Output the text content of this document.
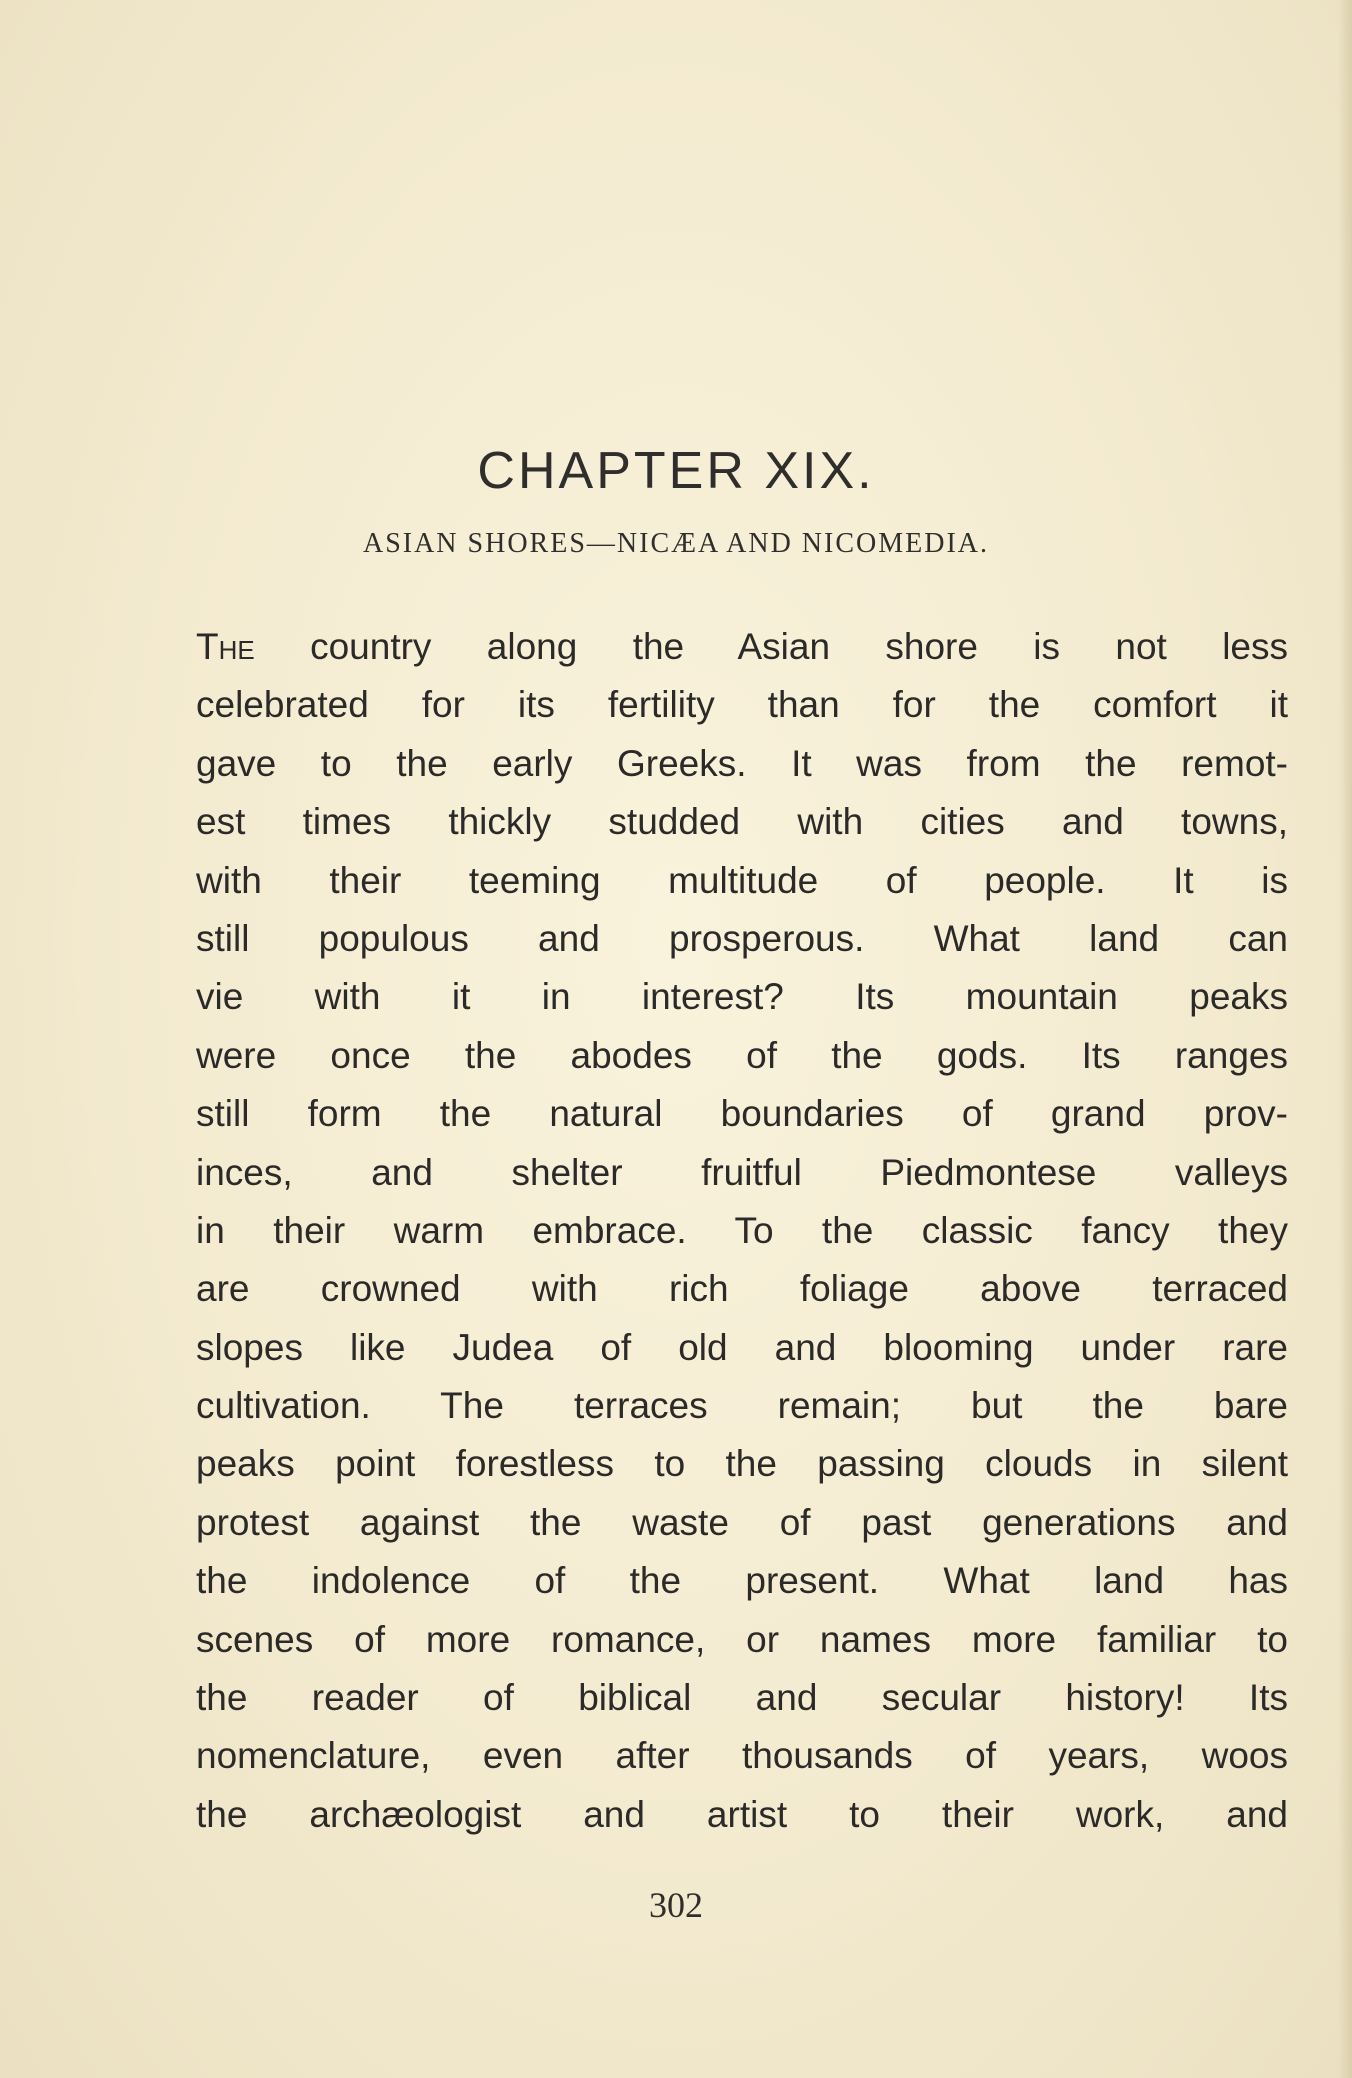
CHAPTER XIX.
ASIAN SHORES—NICÆA AND NICOMEDIA.
The country along the Asian shore is not less
celebrated for its fertility than for the comfort it
gave to the early Greeks. It was from the remot-
est times thickly studded with cities and towns,
with their teeming multitude of people. It is
still populous and prosperous. What land can
vie with it in interest? Its mountain peaks
were once the abodes of the gods. Its ranges
still form the natural boundaries of grand prov-
inces, and shelter fruitful Piedmontese valleys
in their warm embrace. To the classic fancy they
are crowned with rich foliage above terraced
slopes like Judea of old and blooming under rare
cultivation. The terraces remain; but the bare
peaks point forestless to the passing clouds in silent
protest against the waste of past generations and
the indolence of the present. What land has
scenes of more romance, or names more familiar to
the reader of biblical and secular history! Its
nomenclature, even after thousands of years, woos
the archæologist and artist to their work, and
302
